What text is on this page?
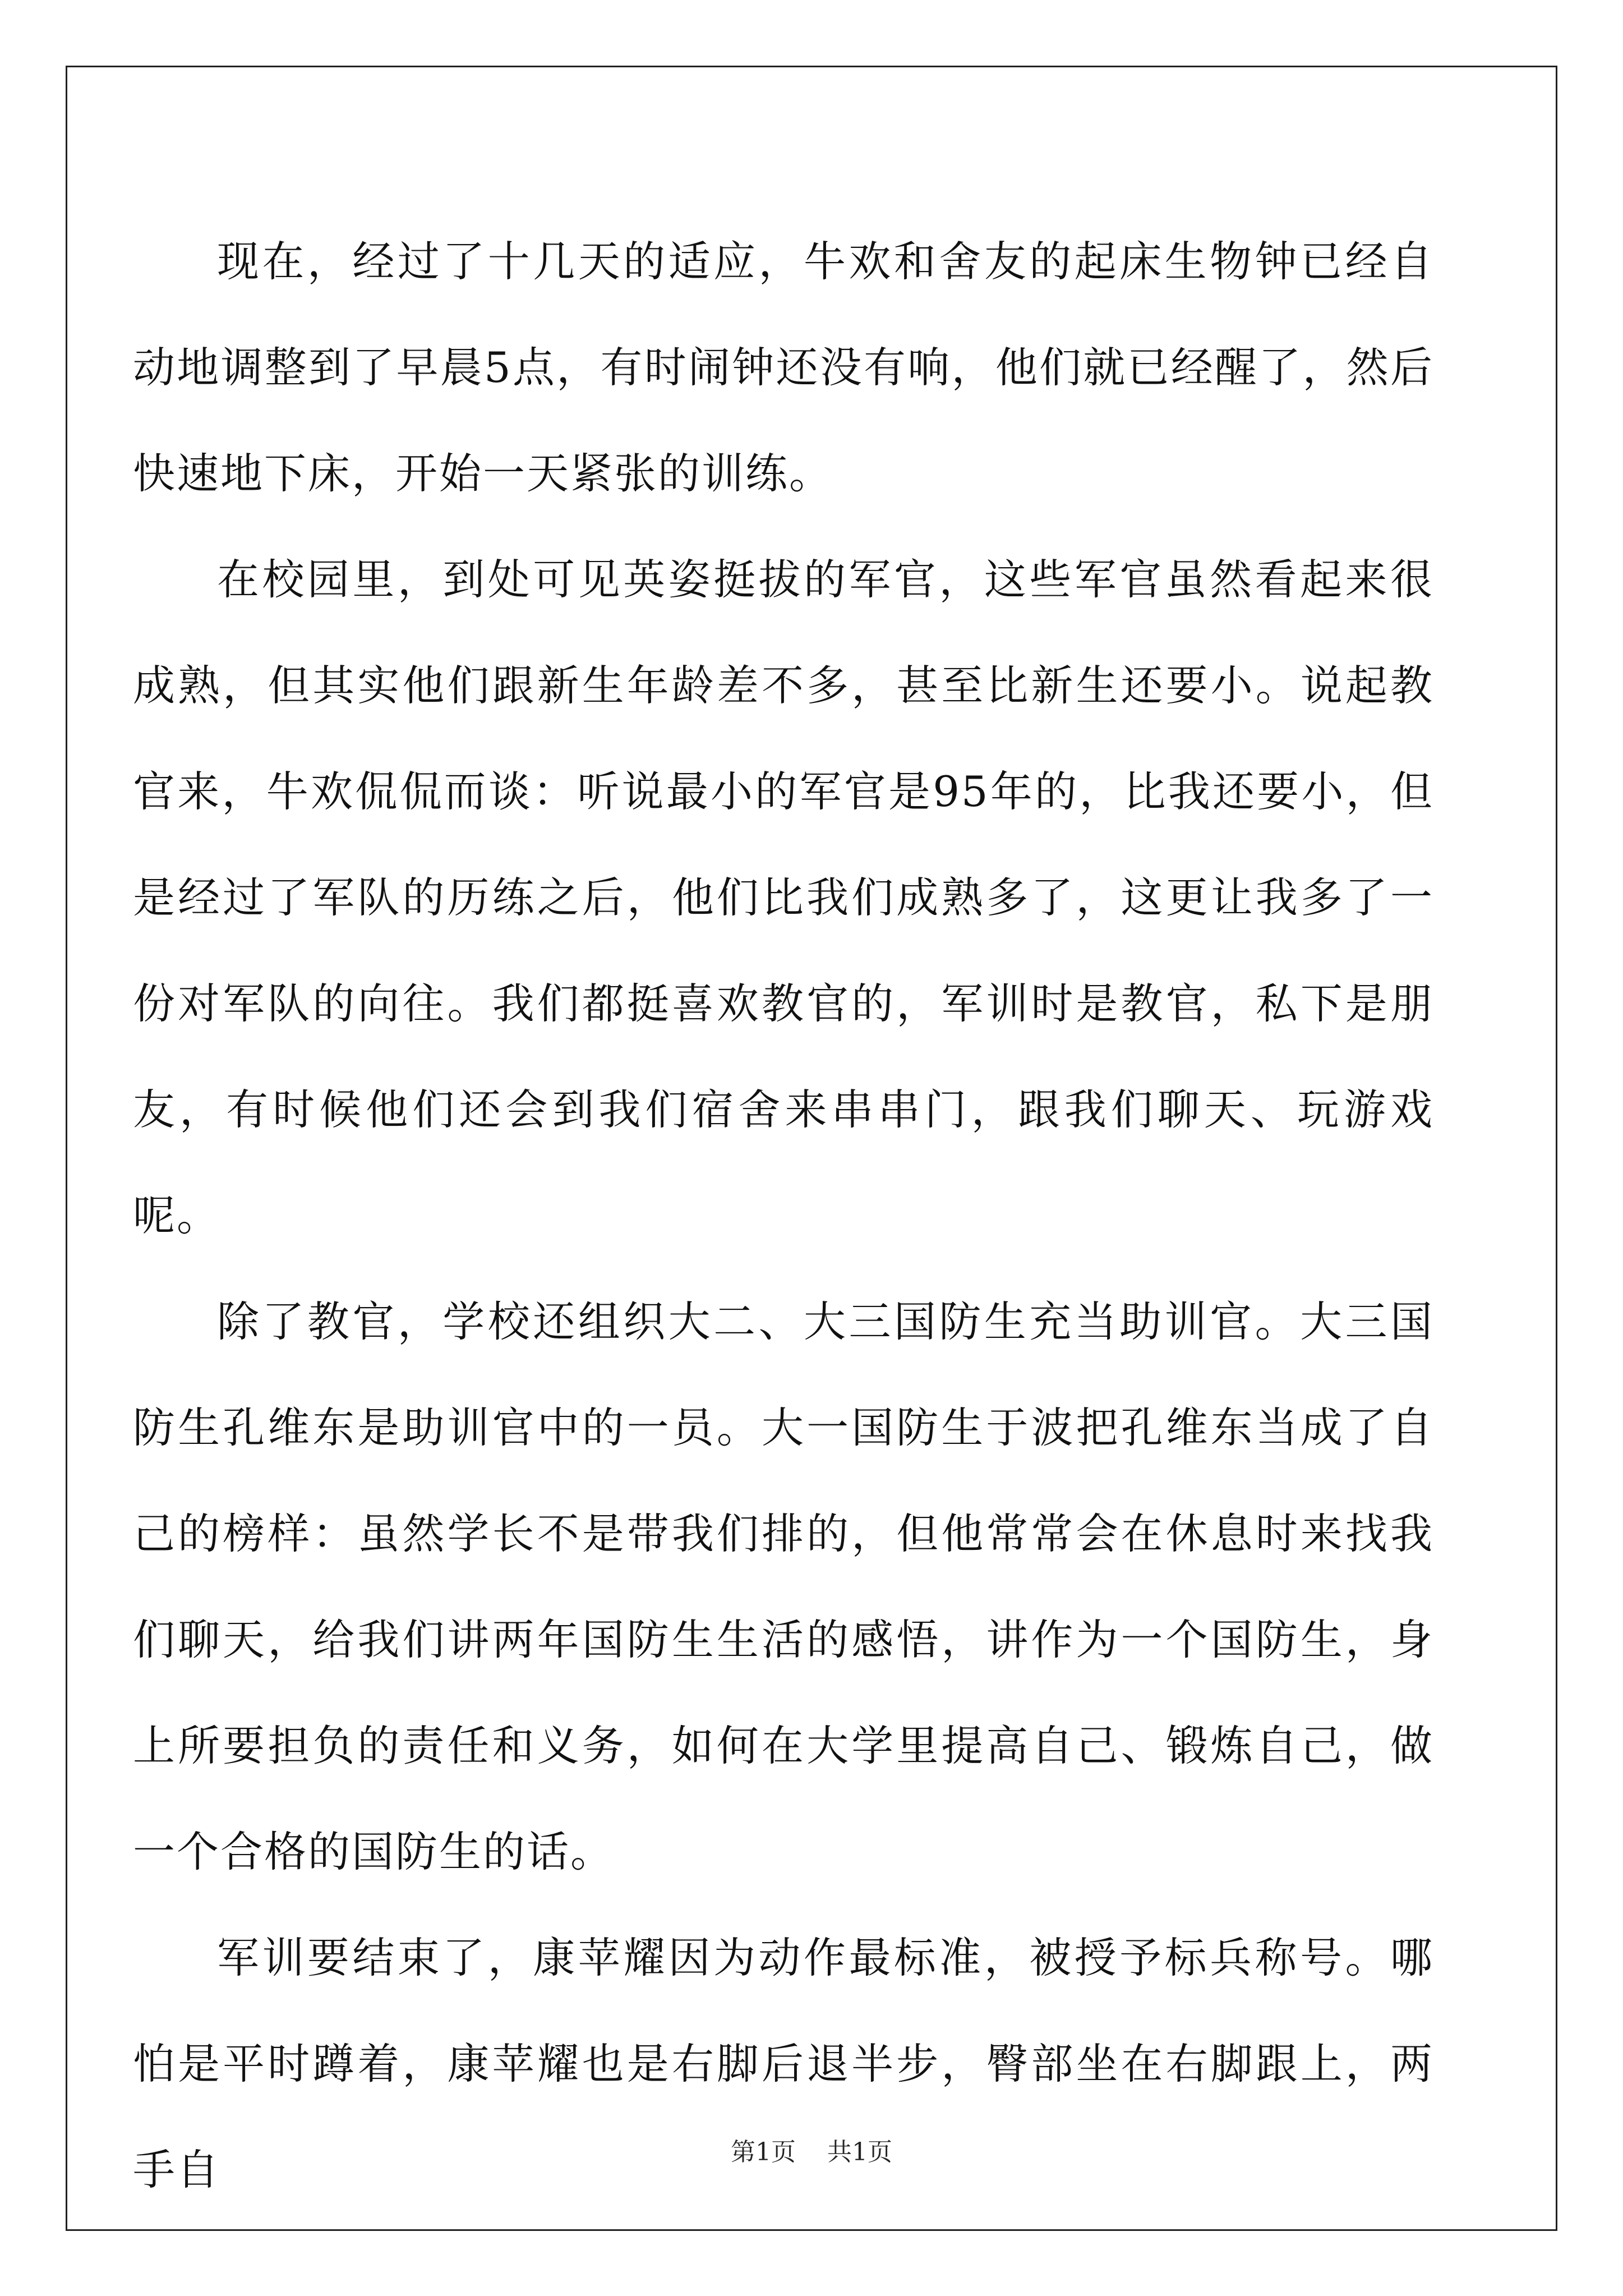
现在，经过了十几天的适应，牛欢和舍友的起床生物钟已经自动地调整到了早晨5点，有时闹钟还没有响，他们就已经醒了，然后快速地下床，开始一天紧张的训练。

在校园里，到处可见英姿挺拔的军官，这些军官虽然看起来很成熟，但其实他们跟新生年龄差不多，甚至比新生还要小。说起教官来，牛欢侃侃而谈：听说最小的军官是95年的，比我还要小，但是经过了军队的历练之后，他们比我们成熟多了，这更让我多了一份对军队的向往。我们都挺喜欢教官的，军训时是教官，私下是朋友，有时候他们还会到我们宿舍来串串门，跟我们聊天、玩游戏呢。

除了教官，学校还组织大二、大三国防生充当助训官。大三国防生孔维东是助训官中的一员。大一国防生于波把孔维东当成了自己的榜样：虽然学长不是带我们排的，但他常常会在休息时来找我们聊天，给我们讲两年国防生生活的感悟，讲作为一个国防生，身上所要担负的责任和义务，如何在大学里提高自己、锻炼自己，做一个合格的国防生的话。

军训要结束了，康苹耀因为动作最标准，被授予标兵称号。哪怕是平时蹲着，康苹耀也是右脚后退半步，臀部坐在右脚跟上，两手自	第1页    共1页
